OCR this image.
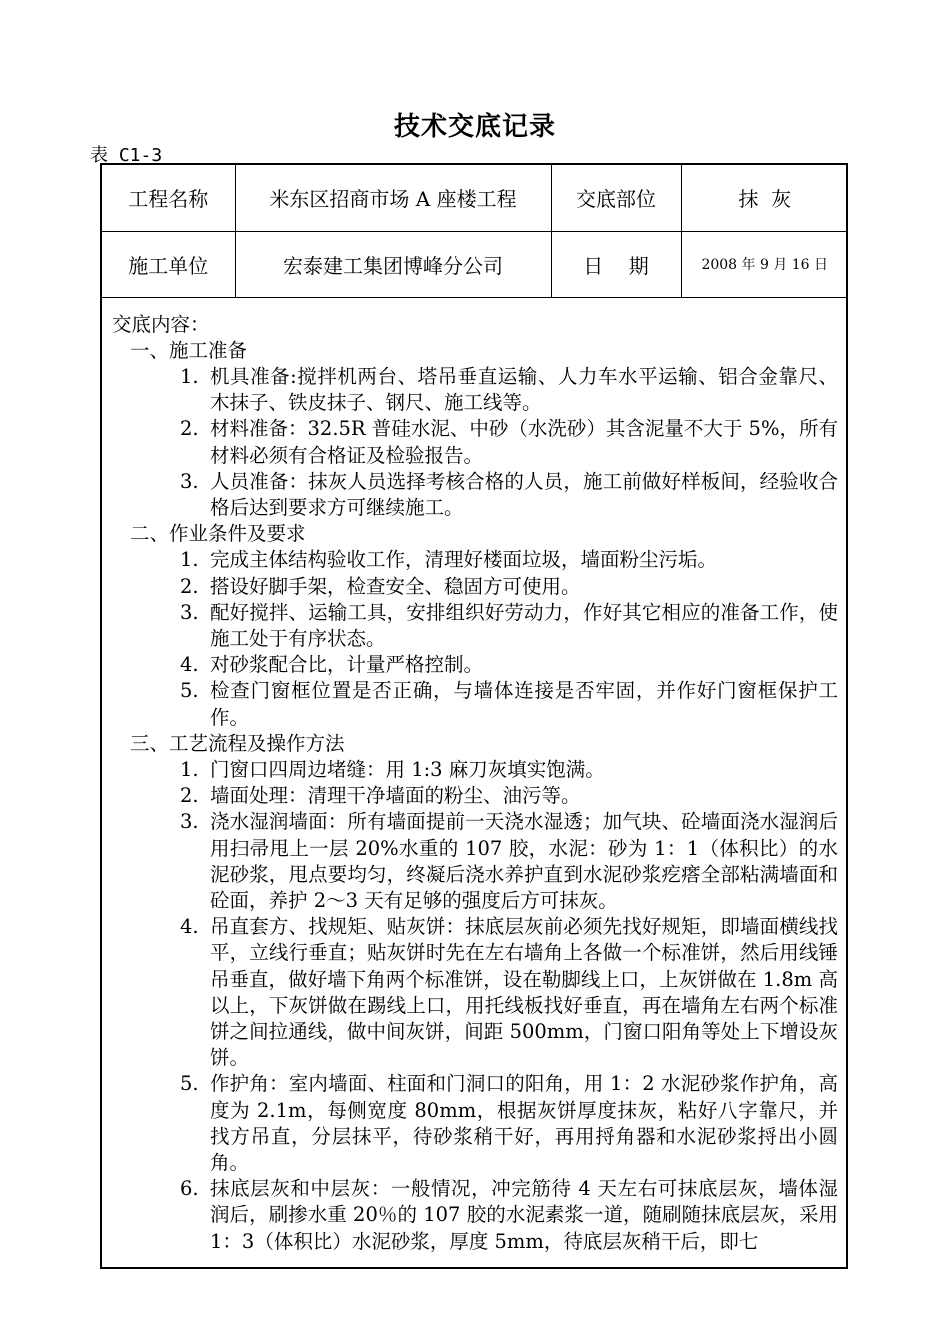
技术交底记录
表 C1-3
工程名称	米东区招商市场 A 座楼工程	交底部位	抹  灰
施工单位	宏泰建工集团博峰分公司	日    期	2008 年 9 月 16 日
交底内容：
一、施工准备
1. 机具准备:搅拌机两台、塔吊垂直运输、人力车水平运输、铝合金靠尺、木抹子、铁皮抹子、钢尺、施工线等。
2. 材料准备：32.5R 普硅水泥、中砂（水洗砂）其含泥量不大于 5%，所有材料必须有合格证及检验报告。
3. 人员准备：抹灰人员选择考核合格的人员，施工前做好样板间，经验收合格后达到要求方可继续施工。
二、作业条件及要求
1. 完成主体结构验收工作，清理好楼面垃圾，墙面粉尘污垢。
2. 搭设好脚手架，检查安全、稳固方可使用。
3. 配好搅拌、运输工具，安排组织好劳动力，作好其它相应的准备工作，使施工处于有序状态。
4. 对砂浆配合比，计量严格控制。
5. 检查门窗框位置是否正确，与墙体连接是否牢固，并作好门窗框保护工作。
三、工艺流程及操作方法
1. 门窗口四周边堵缝：用 1:3 麻刀灰填实饱满。
2. 墙面处理：清理干净墙面的粉尘、油污等。
3. 浇水湿润墙面：所有墙面提前一天浇水湿透；加气块、砼墙面浇水湿润后用扫帚甩上一层 20%水重的 107 胶，水泥：砂为 1：1（体积比）的水泥砂浆，甩点要均匀，终凝后浇水养护直到水泥砂浆疙瘩全部粘满墙面和砼面，养护 2～3 天有足够的强度后方可抹灰。
4. 吊直套方、找规矩、贴灰饼：抹底层灰前必须先找好规矩，即墙面横线找平，立线行垂直；贴灰饼时先在左右墙角上各做一个标准饼，然后用线锤吊垂直，做好墙下角两个标准饼，设在勒脚线上口，上灰饼做在 1.8m 高以上，下灰饼做在踢线上口，用托线板找好垂直，再在墙角左右两个标准饼之间拉通线，做中间灰饼，间距 500mm，门窗口阳角等处上下增设灰饼。
5. 作护角：室内墙面、柱面和门洞口的阳角，用 1：2 水泥砂浆作护角，高度为 2.1m，每侧宽度 80mm，根据灰饼厚度抹灰，粘好八字靠尺，并找方吊直，分层抹平，待砂浆稍干好，再用捋角器和水泥砂浆捋出小圆角。
6. 抹底层灰和中层灰：一般情况，冲完筋待 4 天左右可抹底层灰，墙体湿润后，刷掺水重 20％的 107 胶的水泥素浆一道，随刷随抹底层灰，采用 1：3（体积比）水泥砂浆，厚度 5mm，待底层灰稍干后，即七
